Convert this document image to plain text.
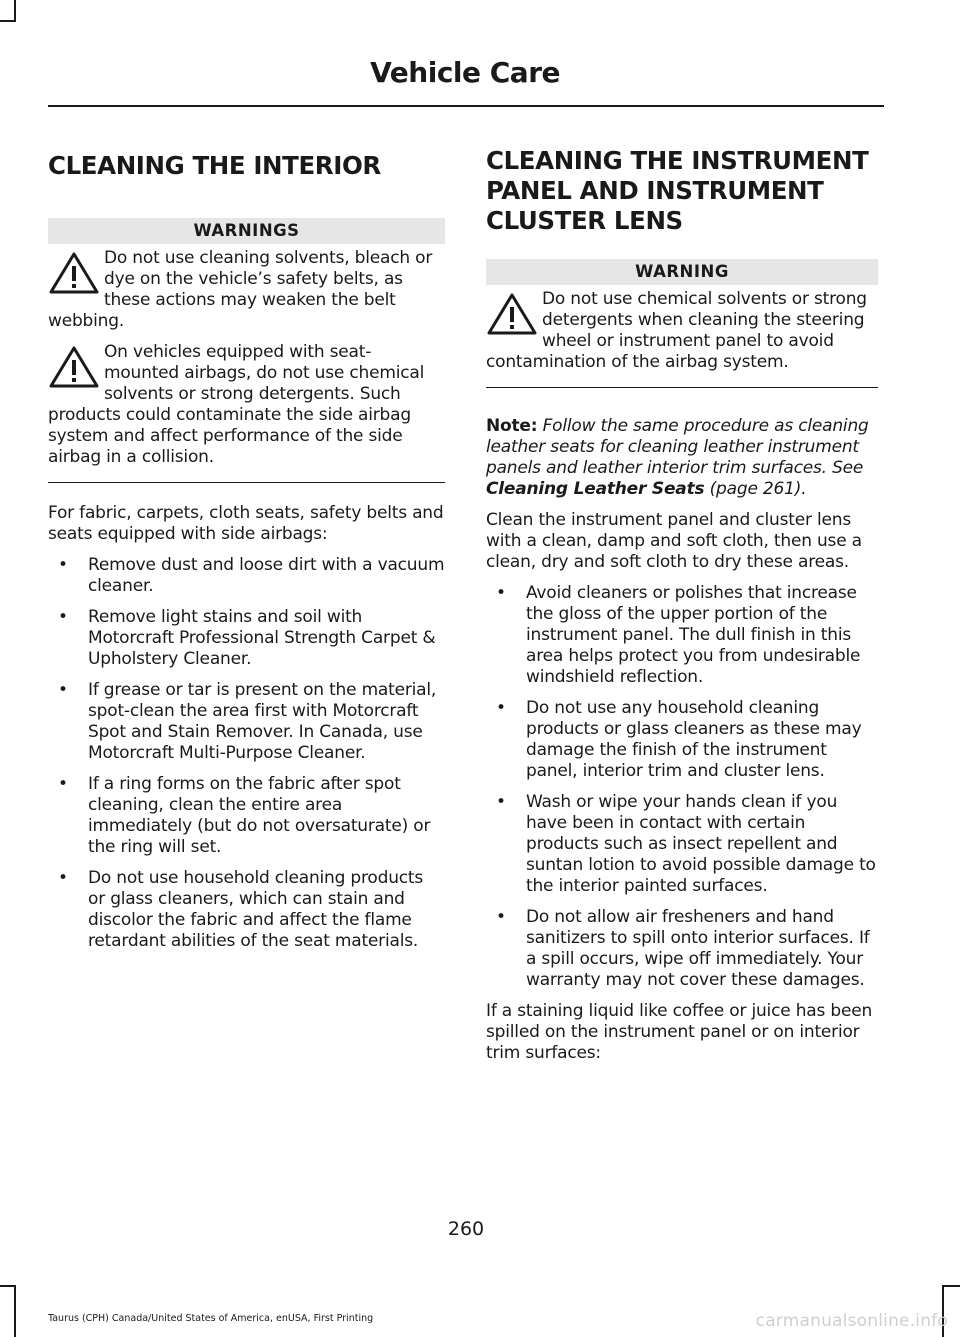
Vehicle Care
CLEANING THE INTERIOR
WARNINGS
Do not use cleaning solvents, bleach or dye on the vehicle’s safety belts, as these actions may weaken the belt webbing.
On vehicles equipped with seat-mounted airbags, do not use chemical solvents or strong detergents. Such products could contaminate the side airbag system and affect performance of the side airbag in a collision.

For fabric, carpets, cloth seats, safety belts and seats equipped with side airbags:

• Remove dust and loose dirt with a vacuum cleaner.
• Remove light stains and soil with Motorcraft Professional Strength Carpet & Upholstery Cleaner.
• If grease or tar is present on the material, spot-clean the area first with Motorcraft Spot and Stain Remover. In Canada, use Motorcraft Multi-Purpose Cleaner.
• If a ring forms on the fabric after spot cleaning, clean the entire area immediately (but do not oversaturate) or the ring will set.
• Do not use household cleaning products or glass cleaners, which can stain and discolor the fabric and affect the flame retardant abilities of the seat materials.
CLEANING THE INSTRUMENT
PANEL AND INSTRUMENT
CLUSTER LENS
WARNING
Do not use chemical solvents or strong detergents when cleaning the steering wheel or instrument panel to avoid contamination of the airbag system.

Note: Follow the same procedure as cleaning leather seats for cleaning leather instrument panels and leather interior trim surfaces. See Cleaning Leather Seats (page 261).

Clean the instrument panel and cluster lens with a clean, damp and soft cloth, then use a clean, dry and soft cloth to dry these areas.

• Avoid cleaners or polishes that increase the gloss of the upper portion of the instrument panel. The dull finish in this area helps protect you from undesirable windshield reflection.
• Do not use any household cleaning products or glass cleaners as these may damage the finish of the instrument panel, interior trim and cluster lens.
• Wash or wipe your hands clean if you have been in contact with certain products such as insect repellent and suntan lotion to avoid possible damage to the interior painted surfaces.
• Do not allow air fresheners and hand sanitizers to spill onto interior surfaces. If a spill occurs, wipe off immediately. Your warranty may not cover these damages.

If a staining liquid like coffee or juice has been spilled on the instrument panel or on interior trim surfaces:

260
Taurus (CPH) Canada/United States of America, enUSA, First Printing	carmanualsonline.info
